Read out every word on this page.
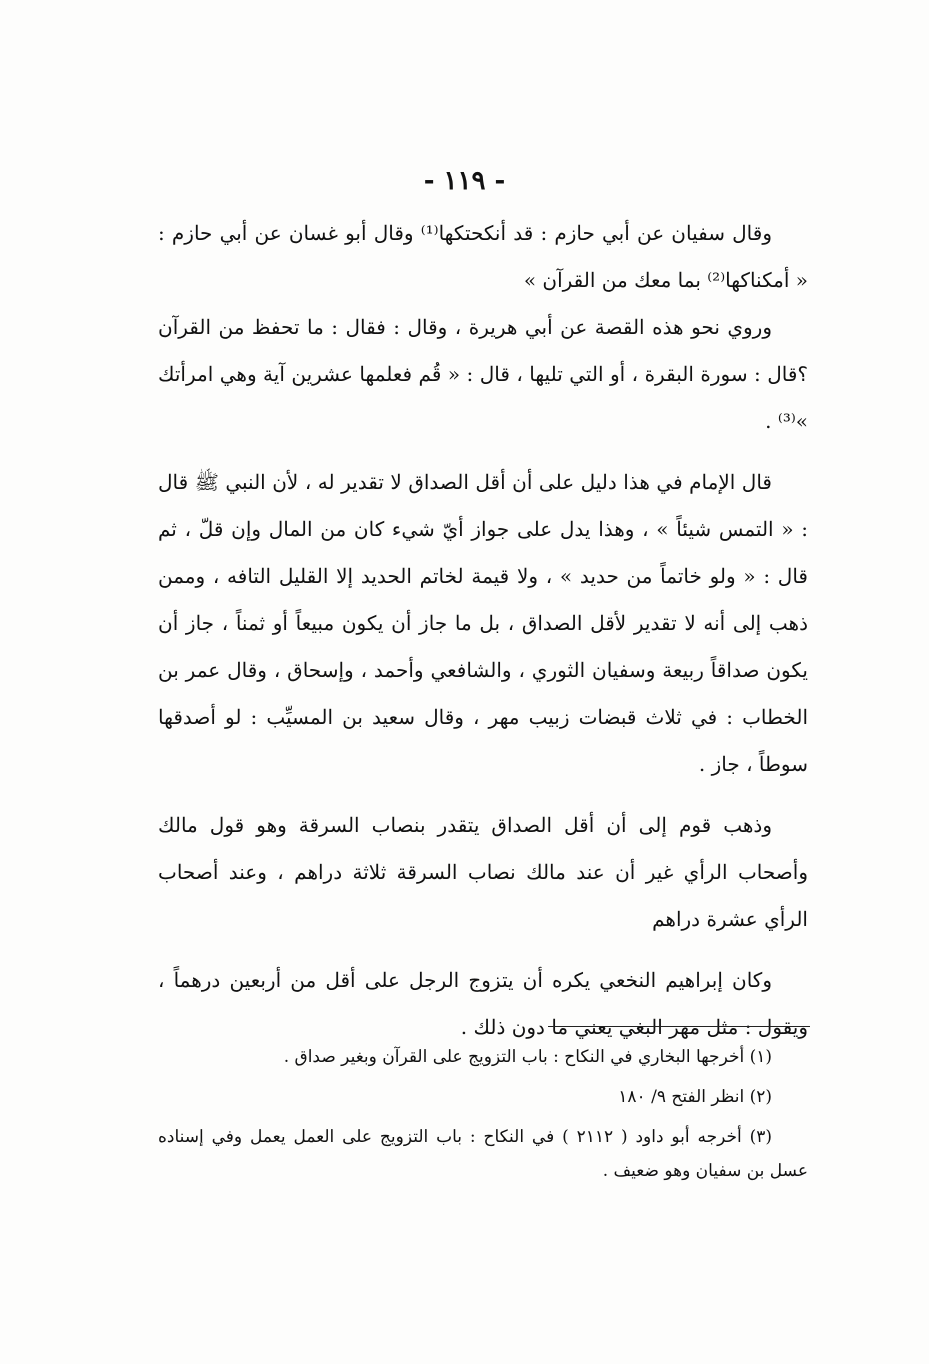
- ١١٩ -

وقال سفيان عن أبي حازم : قد أنكحتكها⁽¹⁾ وقال أبو غسان عن أبي حازم : « أمكناكها⁽²⁾ بما معك من القرآن »

وروي نحو هذه القصة عن أبي هريرة ، وقال : فقال : ما تحفظ من القرآن ؟قال : سورة البقرة ، أو التي تليها ، قال : « قُم فعلمها عشرين آية وهي امرأتك »⁽³⁾ .

قال الإمام في هذا دليل على أن أقل الصداق لا تقدير له ، لأن النبي ﷺ قال : « التمس شيئاً » ، وهذا يدل على جواز أيّ شيء كان من المال وإن قلّ ، ثم قال : « ولو خاتماً من حديد » ، ولا قيمة لخاتم الحديد إلا القليل التافه ، وممن ذهب إلى أنه لا تقدير لأقل الصداق ، بل ما جاز أن يكون مبيعاً أو ثمناً ، جاز أن يكون صداقاً ربيعة وسفيان الثوري ، والشافعي وأحمد ، وإسحاق ، وقال عمر بن الخطاب : في ثلاث قبضات زبيب مهر ، وقال سعيد بن المسيِّب : لو أصدقها سوطاً ، جاز .

وذهب قوم إلى أن أقل الصداق يتقدر بنصاب السرقة وهو قول مالك وأصحاب الرأي غير أن عند مالك نصاب السرقة ثلاثة دراهم ، وعند أصحاب الرأي عشرة دراهم

وكان إبراهيم النخعي يكره أن يتزوج الرجل على أقل من أربعين درهماً ، ويقول : مثل مهر البغي يعني ما دون ذلك .

(١) أخرجها البخاري في النكاح : باب التزويج على القرآن وبغير صداق .

(٢) انظر الفتح ٩/ ١٨٠

(٣) أخرجه أبو داود ( ٢١١٢ ) في النكاح : باب التزويج على العمل يعمل وفي إسناده عسل بن سفيان وهو ضعيف .
